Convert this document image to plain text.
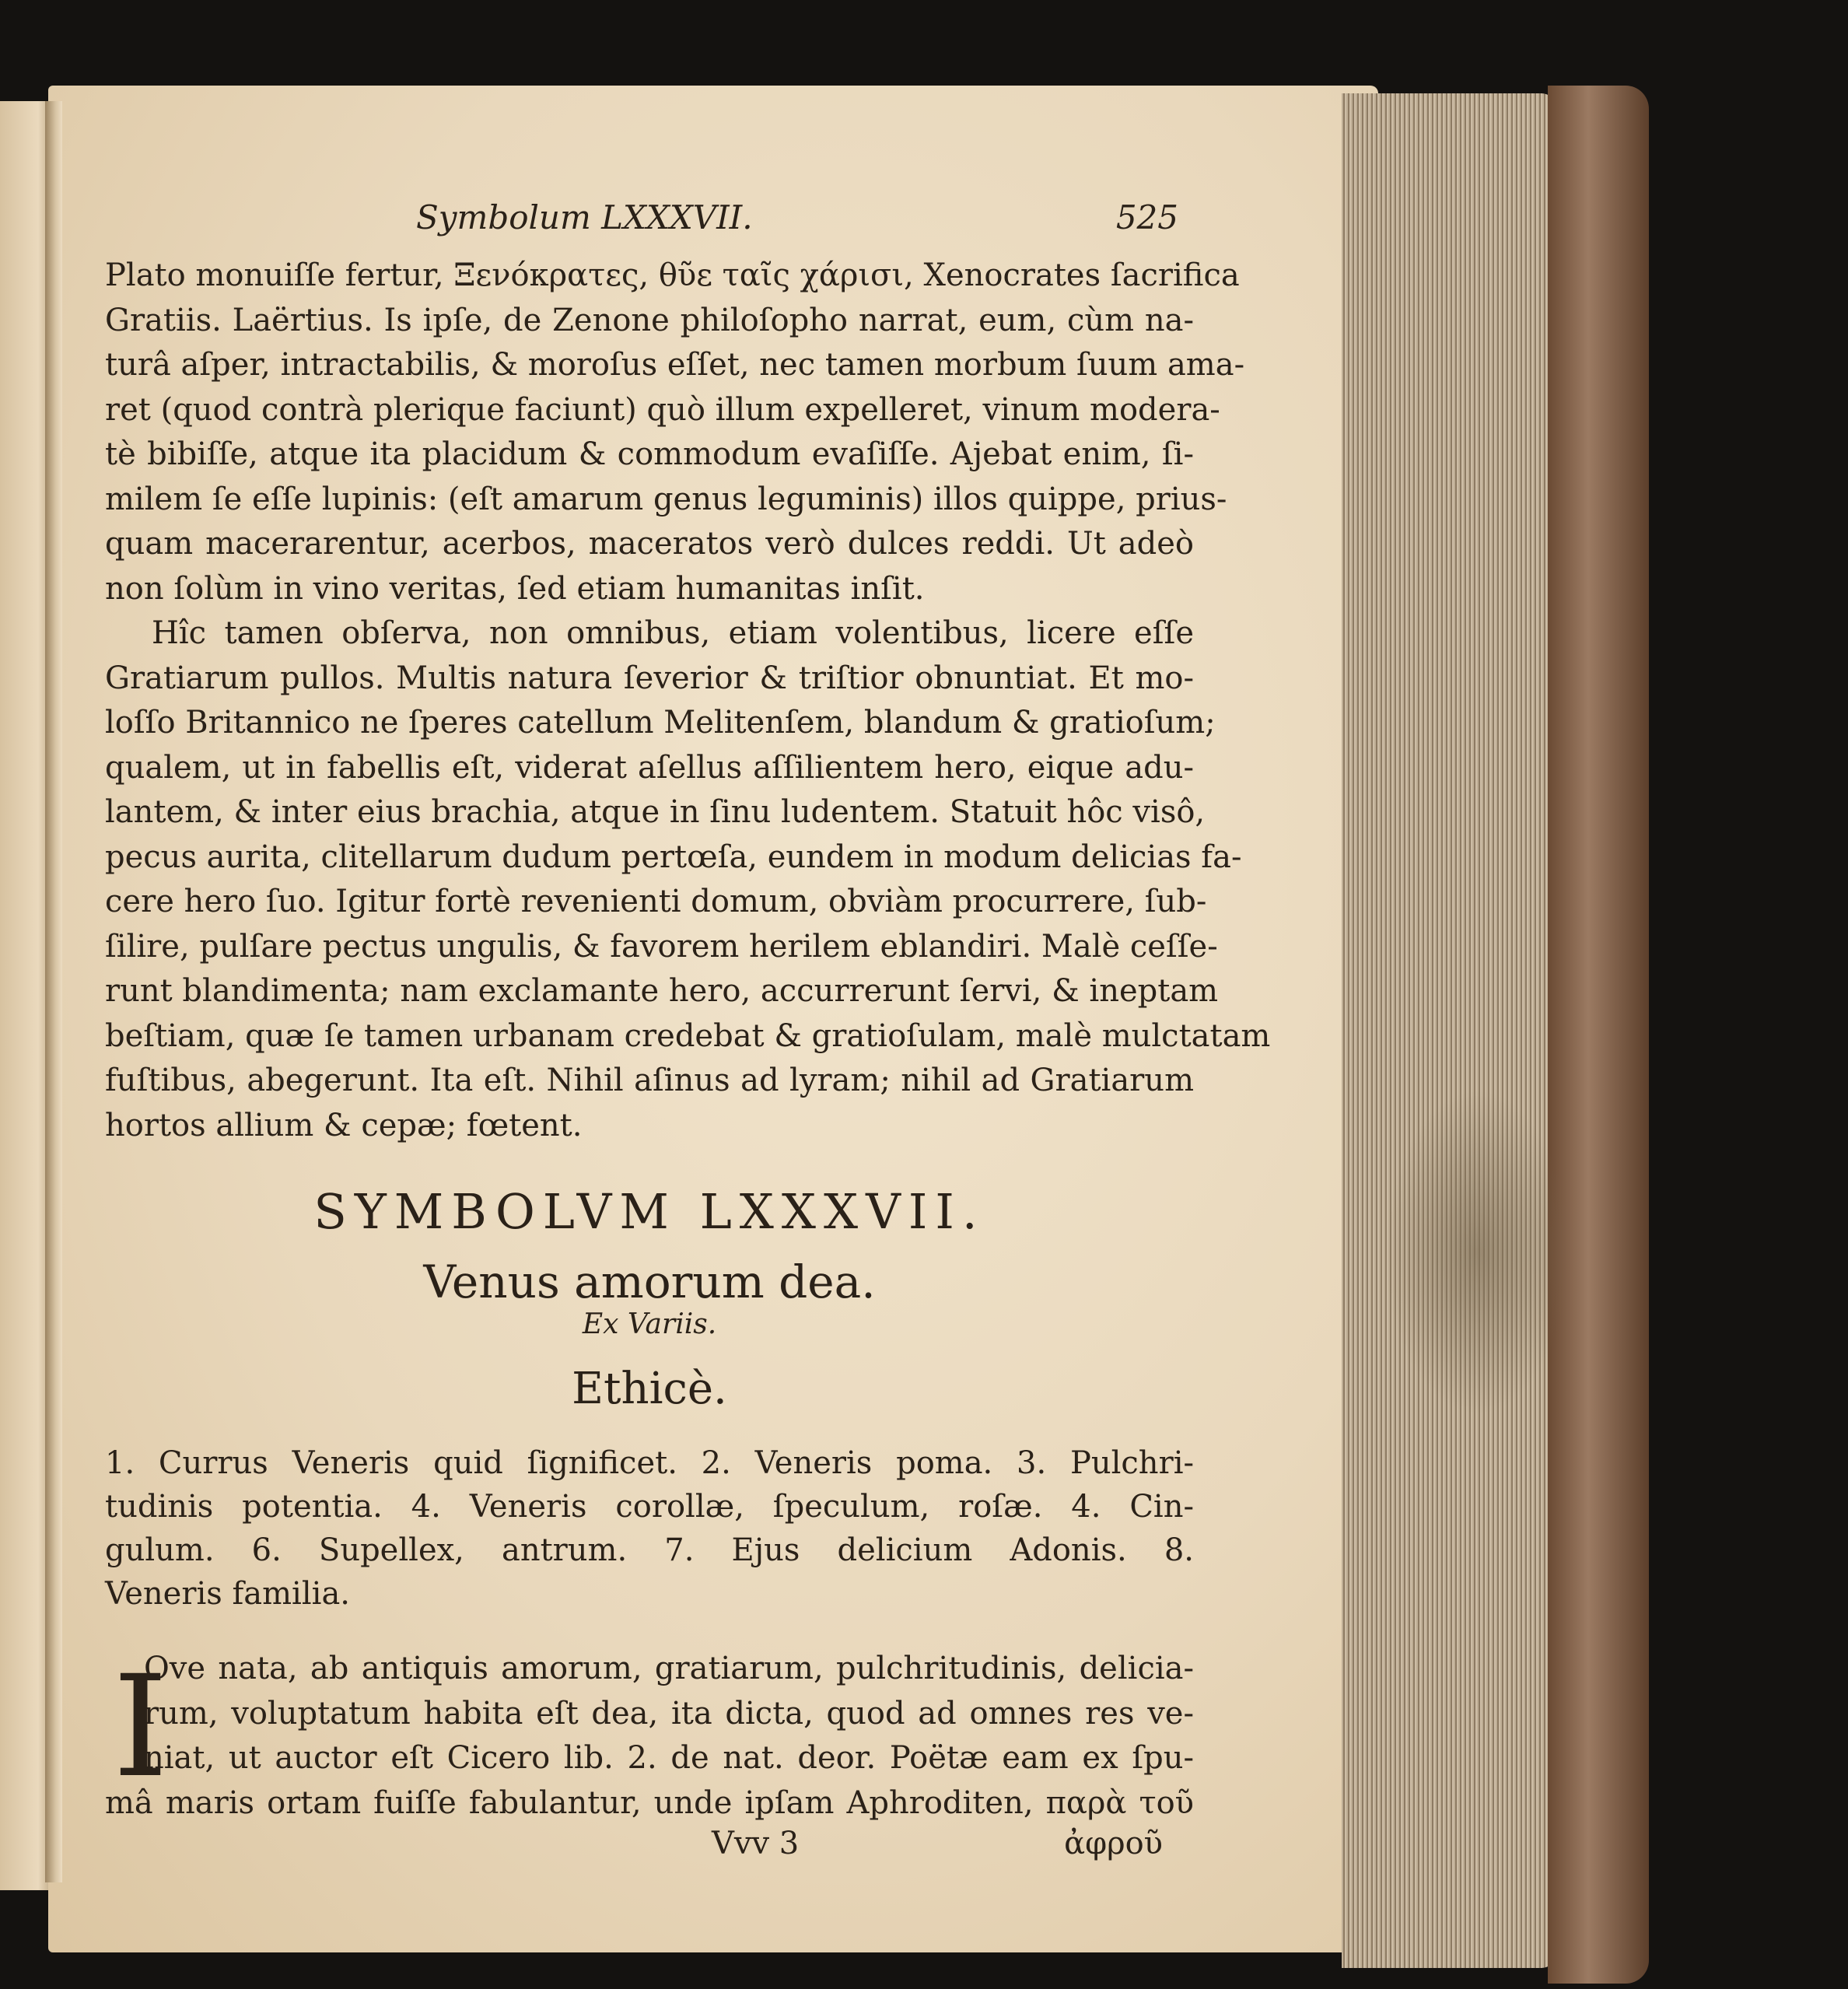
Symbolum LXXXVII.	525
Plato monuiſſe fertur, Ξενόκρατες, θῦε ταῖς χάρισι, Xenocrates ſacrifica
Gratiis. Laërtius. Is ipſe, de Zenone philoſopho narrat, eum, cùm na-
turâ aſper, intractabilis, & moroſus eſſet, nec tamen morbum ſuum ama-
ret (quod contrà plerique faciunt) quò illum expelleret, vinum modera-
tè bibiſſe, atque ita placidum & commodum evaſiſſe. Ajebat enim, ſi-
milem ſe eſſe lupinis: (eſt amarum genus leguminis) illos quippe, prius-
quam macerarentur, acerbos, maceratos verò dulces reddi. Ut adeò
non ſolùm in vino veritas, ſed etiam humanitas inſit.
Hîc tamen obſerva, non omnibus, etiam volentibus, licere eſſe
Gratiarum pullos. Multis natura ſeverior & triſtior obnuntiat. Et mo-
loſſo Britannico ne ſperes catellum Melitenſem, blandum & gratioſum;
qualem, ut in fabellis eſt, viderat aſellus aſſilientem hero, eique adu-
lantem, & inter eius brachia, atque in ſinu ludentem. Statuit hôc visô,
pecus aurita, clitellarum dudum pertœſa, eundem in modum delicias fa-
cere hero ſuo. Igitur fortè revenienti domum, obviàm procurrere, ſub-
ſilire, pulſare pectus ungulis, & favorem herilem eblandiri. Malè ceſſe-
runt blandimenta; nam exclamante hero, accurrerunt ſervi, & ineptam
beſtiam, quæ ſe tamen urbanam credebat & gratioſulam, malè mulctatam
fuſtibus, abegerunt. Ita eſt. Nihil aſinus ad lyram; nihil ad Gratiarum
hortos allium & cepæ; fœtent.
SYMBOLVM LXXXVII.
Venus amorum dea.
Ex Variis.
Ethicè.
1. Currus Veneris quid ſignificet. 2. Veneris poma. 3. Pulchri-
tudinis potentia. 4. Veneris corollæ, ſpeculum, roſæ. 4. Cin-
gulum. 6. Supellex, antrum. 7. Ejus delicium Adonis. 8.
Veneris familia.
I
Ove nata, ab antiquis amorum, gratiarum, pulchritudinis, delicia-
rum, voluptatum habita eſt dea, ita dicta, quod ad omnes res ve-
niat, ut auctor eſt Cicero lib. 2. de nat. deor. Poëtæ eam ex ſpu-
mâ maris ortam fuiſſe fabulantur, unde ipſam Aphroditen, παρὰ τοῦ
Vvv 3	ἀφροῦ
